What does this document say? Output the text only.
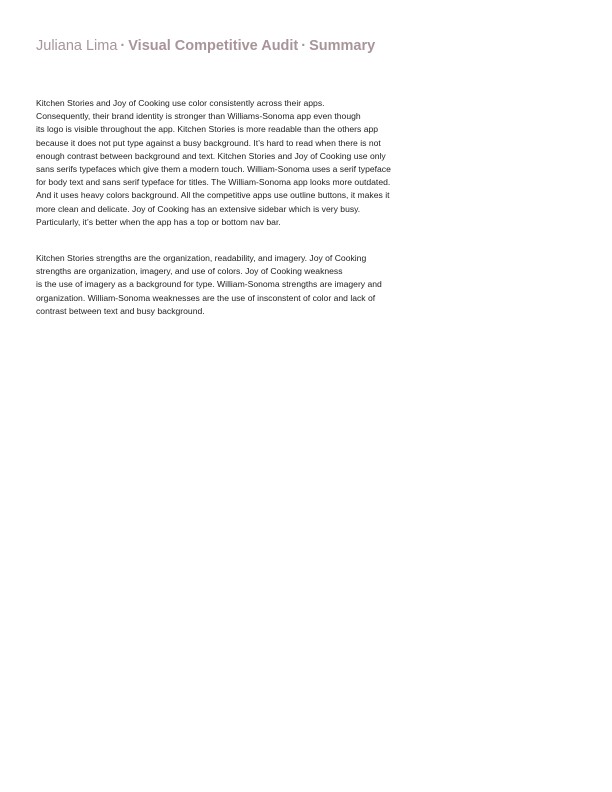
Juliana Lima · Visual Competitive Audit · Summary
Kitchen Stories and Joy of Cooking use color consistently across their apps.
Consequently, their brand identity is stronger than Williams-Sonoma app even though
its logo is visible throughout the app. Kitchen Stories is more readable than the others app
because it does not put type against a busy background. It’s hard to read when there is not
enough contrast between background and text. Kitchen Stories and Joy of Cooking use only
sans serifs typefaces which give them a modern touch. William-Sonoma uses a serif typeface
for body text and sans serif typeface for titles. The William-Sonoma app looks more outdated.
And it uses heavy colors background. All the competitive apps use outline buttons, it makes it
more clean and delicate. Joy of Cooking has an extensive sidebar which is very busy.
Particularly, it’s better when the app has a top or bottom nav bar.
Kitchen Stories strengths are the organization, readability, and imagery. Joy of Cooking
strengths are organization, imagery, and use of colors. Joy of Cooking weakness
is the use of imagery as a background for type. William-Sonoma strengths are imagery and
organization. William-Sonoma weaknesses are the use of insconstent of color and lack of
contrast between text and busy background.
